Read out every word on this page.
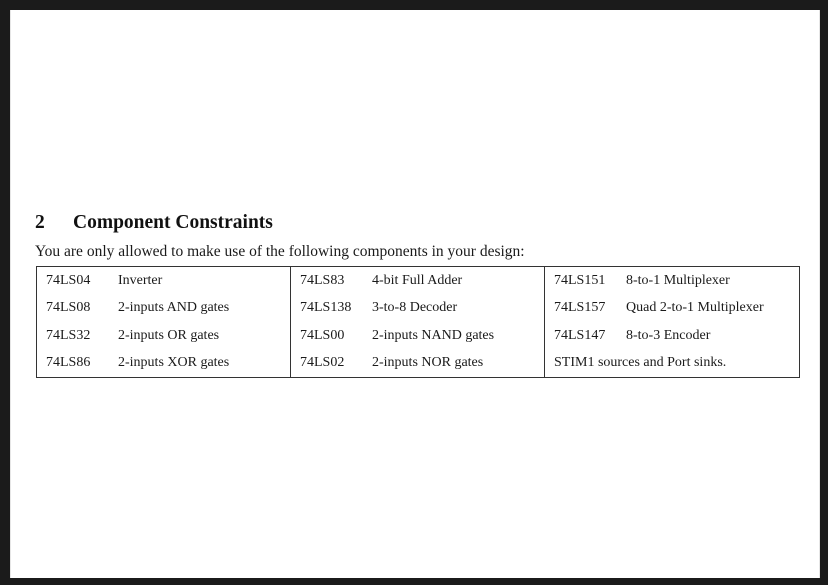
2 Component Constraints
You are only allowed to make use of the following components in your design:
74LS04	Inverter	74LS83	4-bit Full Adder	74LS151	8-to-1 Multiplexer
74LS08	2-inputs AND gates	74LS138	3-to-8 Decoder	74LS157	Quad 2-to-1 Multiplexer
74LS32	2-inputs OR gates	74LS00	2-inputs NAND gates	74LS147	8-to-3 Encoder
74LS86	2-inputs XOR gates	74LS02	2-inputs NOR gates	STIM1 sources and Port sinks.	
